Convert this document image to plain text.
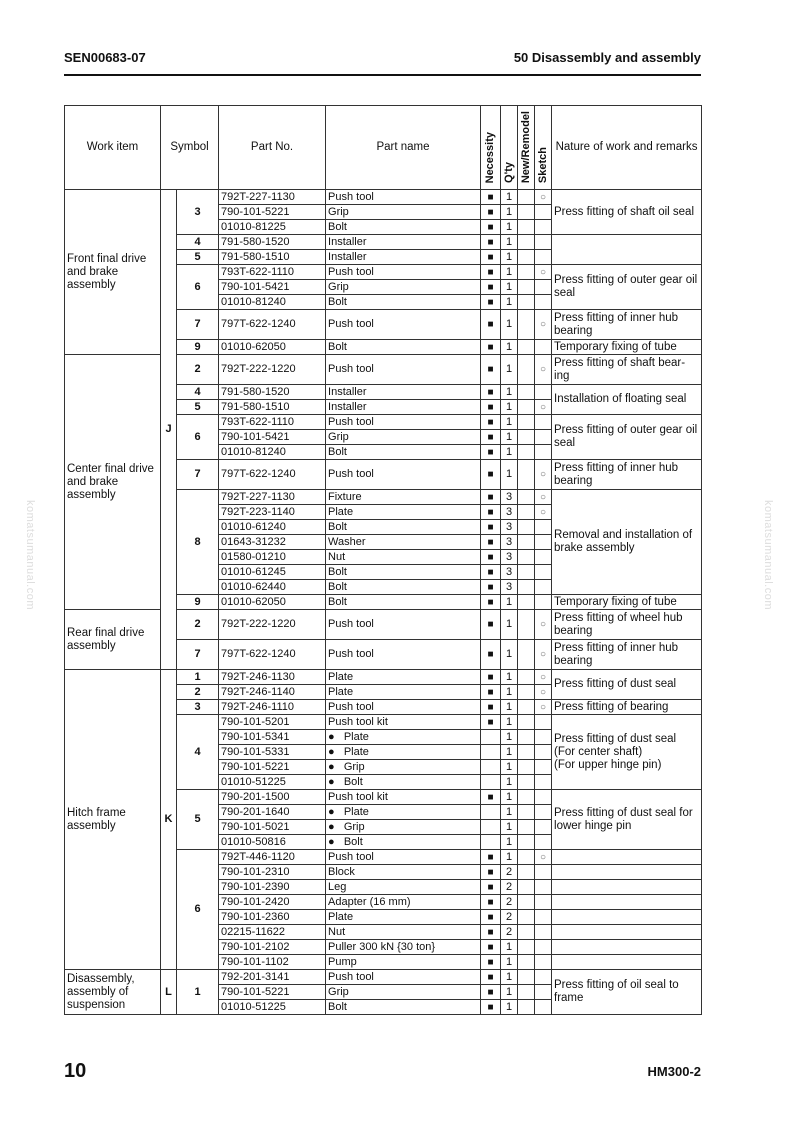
SEN00683-07	50 Disassembly and assembly
komatsumanual.com	komatsumanual.com
Work item	Symbol		Part No.	Part name	Necessity	Q'ty	New/Remodel	Sketch	Nature of work and remarks
Front final drive and brake assembly	J	3	792T-227-1130	Push tool	■	1		○	Press fitting of shaft oil seal
			790-101-5221	Grip	■	1			
			01010-81225	Bolt	■	1			
		4	791-580-1520	Installer	■	1			
		5	791-580-1510	Installer	■	1			
		6	793T-622-1110	Push tool	■	1		○	Press fitting of outer gear oil seal
			790-101-5421	Grip	■	1			
			01010-81240	Bolt	■	1			
		7	797T-622-1240	Push tool	■	1		○	Press fitting of inner hub bearing
		9	01010-62050	Bolt	■	1			Temporary fixing of tube
Center final drive and brake assembly		2	792T-222-1220	Push tool	■	1		○	Press fitting of shaft bear-ing
		4	791-580-1520	Installer	■	1			Installation of floating seal
		5	791-580-1510	Installer	■	1		○	
		6	793T-622-1110	Push tool	■	1			Press fitting of outer gear oil seal
			790-101-5421	Grip	■	1			
			01010-81240	Bolt	■	1			
		7	797T-622-1240	Push tool	■	1		○	Press fitting of inner hub bearing
		8	792T-227-1130	Fixture	■	3		○	Removal and installation of brake assembly
			792T-223-1140	Plate	■	3		○	
			01010-61240	Bolt	■	3			
			01643-31232	Washer	■	3			
			01580-01210	Nut	■	3			
			01010-61245	Bolt	■	3			
			01010-62440	Bolt	■	3			
		9	01010-62050	Bolt	■	1			Temporary fixing of tube
Rear final drive assembly		2	792T-222-1220	Push tool	■	1		○	Press fitting of wheel hub bearing
		7	797T-622-1240	Push tool	■	1		○	Press fitting of inner hub bearing
Hitch frame assembly	K	1	792T-246-1130	Plate	■	1		○	Press fitting of dust seal
		2	792T-246-1140	Plate	■	1		○	
		3	792T-246-1110	Push tool	■	1		○	Press fitting of bearing
		4	790-101-5201	Push tool kit	■	1			Press fitting of dust seal
(For center shaft)
(For upper hinge pin)

			790-101-5341	●   Plate		1			
			790-101-5331	●   Plate		1			
			790-101-5221	●   Grip		1			
			01010-51225	●   Bolt		1			
		5	790-201-1500	Push tool kit	■	1			Press fitting of dust seal for lower hinge pin
			790-201-1640	●   Plate		1			
			790-101-5021	●   Grip		1			
			01010-50816	●   Bolt		1			
		6	792T-446-1120	Push tool	■	1		○	
			790-101-2310	Block	■	2			
			790-101-2390	Leg	■	2			
			790-101-2420	Adapter (16 mm)	■	2			
			790-101-2360	Plate	■	2			
			02215-11622	Nut	■	2			
			790-101-2102	Puller 300 kN {30 ton}	■	1			
			790-101-1102	Pump	■	1			
Disassembly, assembly of suspension	L	1	792-201-3141	Push tool	■	1			Press fitting of oil seal to frame
			790-101-5221	Grip	■	1			
			01010-51225	Bolt	■	1			
10	HM300-2
